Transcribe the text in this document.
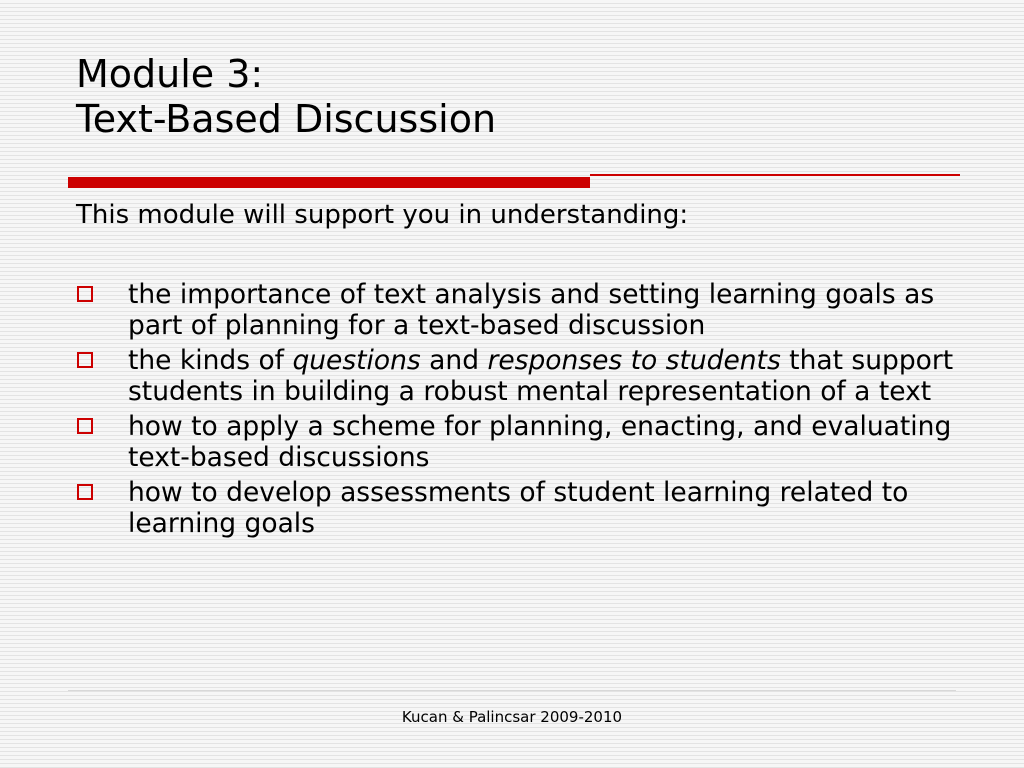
Module 3:
Text-Based Discussion

This module will support you in understanding:

the importance of text analysis and setting learning goals as part of planning for a text-based discussion
the kinds of questions and responses to students that support students in building a robust mental representation of a text
how to apply a scheme for planning, enacting, and evaluating text-based discussions
how to develop assessments of student learning related to learning goals
Kucan & Palincsar 2009-2010
